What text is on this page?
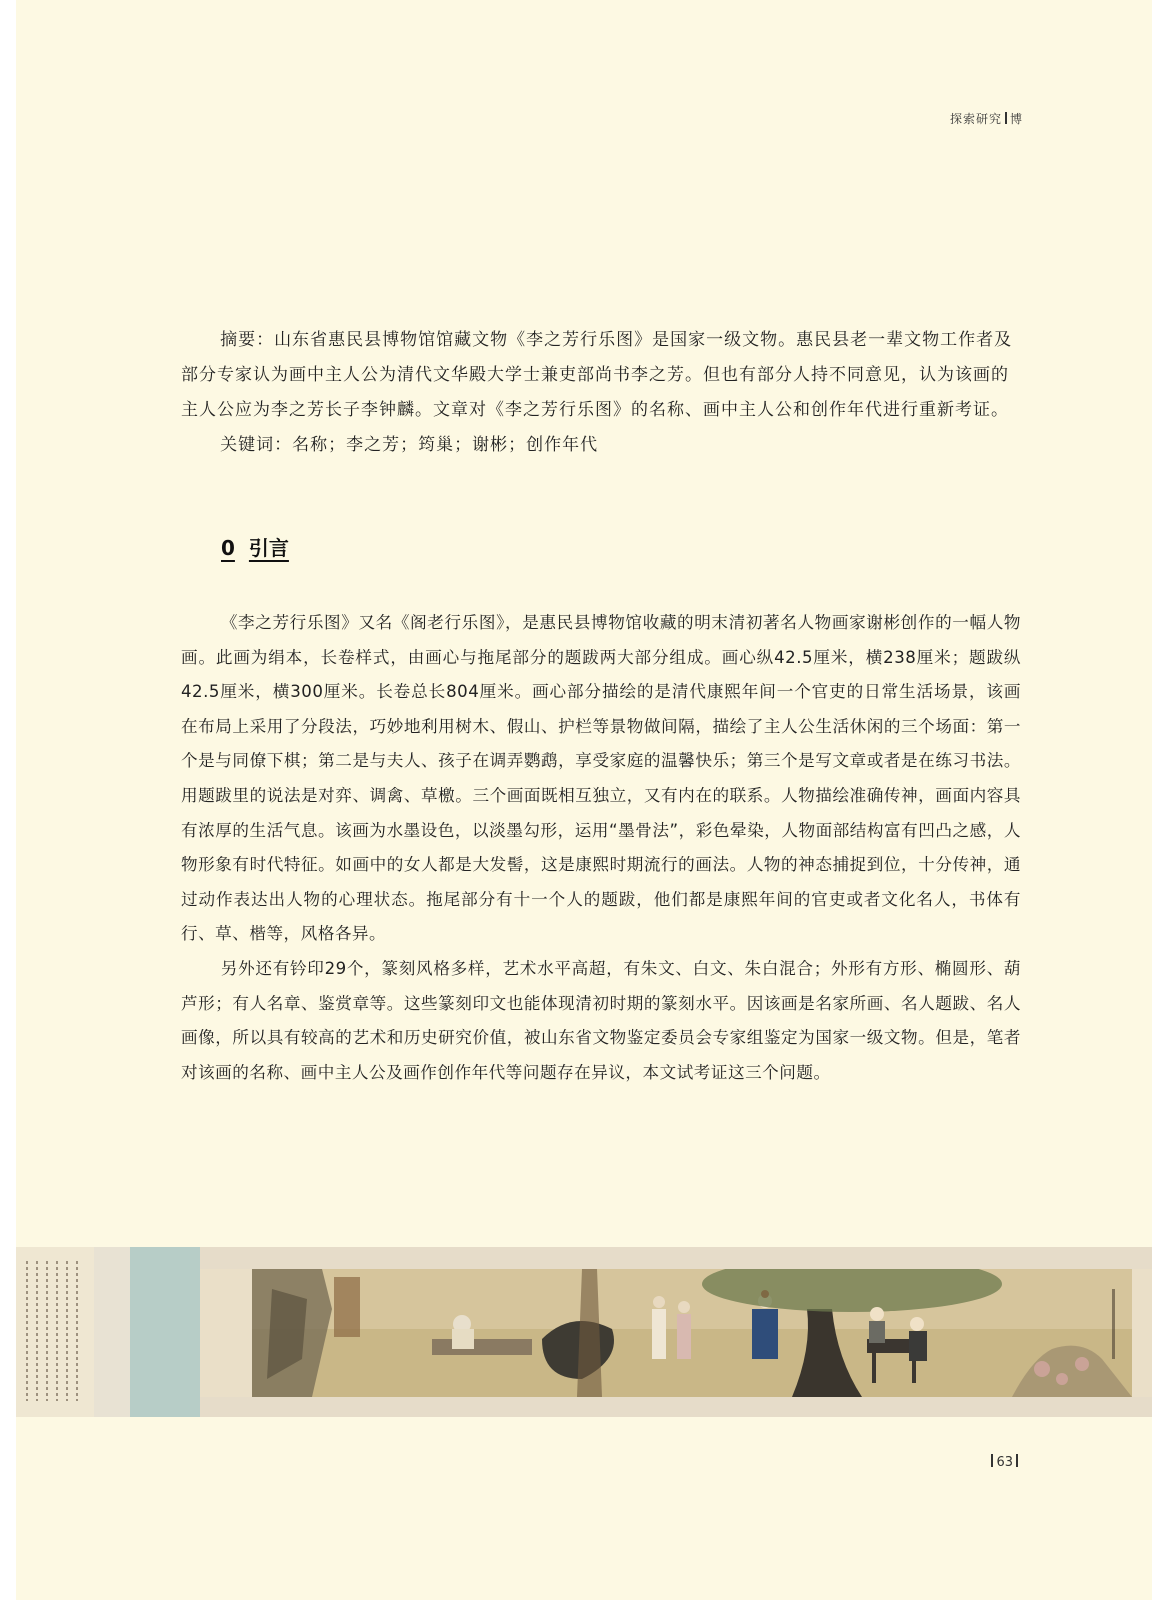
探索研究 博

摘要：山东省惠民县博物馆馆藏文物《李之芳行乐图》是国家一级文物。惠民县老一辈文物工作者及部分专家认为画中主人公为清代文华殿大学士兼吏部尚书李之芳。但也有部分人持不同意见，认为该画的主人公应为李之芳长子李钟麟。文章对《李之芳行乐图》的名称、画中主人公和创作年代进行重新考证。

关键词：名称；李之芳；筠巢；谢彬；创作年代

0 引言

《李之芳行乐图》又名《阁老行乐图》，是惠民县博物馆收藏的明末清初著名人物画家谢彬创作的一幅人物画。此画为绢本，长卷样式，由画心与拖尾部分的题跋两大部分组成。画心纵42.5厘米，横238厘米；题跋纵42.5厘米，横300厘米。长卷总长804厘米。画心部分描绘的是清代康熙年间一个官吏的日常生活场景，该画在布局上采用了分段法，巧妙地利用树木、假山、护栏等景物做间隔，描绘了主人公生活休闲的三个场面：第一个是与同僚下棋；第二是与夫人、孩子在调弄鹦鹉，享受家庭的温馨快乐；第三个是写文章或者是在练习书法。用题跋里的说法是对弈、调禽、草檄。三个画面既相互独立，又有内在的联系。人物描绘准确传神，画面内容具有浓厚的生活气息。该画为水墨设色，以淡墨勾形，运用“墨骨法”，彩色晕染，人物面部结构富有凹凸之感，人物形象有时代特征。如画中的女人都是大发髻，这是康熙时期流行的画法。人物的神态捕捉到位，十分传神，通过动作表达出人物的心理状态。拖尾部分有十一个人的题跋，他们都是康熙年间的官吏或者文化名人，书体有行、草、楷等，风格各异。

另外还有钤印29个，篆刻风格多样，艺术水平高超，有朱文、白文、朱白混合；外形有方形、椭圆形、葫芦形；有人名章、鉴赏章等。这些篆刻印文也能体现清初时期的篆刻水平。因该画是名家所画、名人题跋、名人画像，所以具有较高的艺术和历史研究价值，被山东省文物鉴定委员会专家组鉴定为国家一级文物。但是，笔者对该画的名称、画中主人公及画作创作年代等问题存在异议，本文试考证这三个问题。

63
